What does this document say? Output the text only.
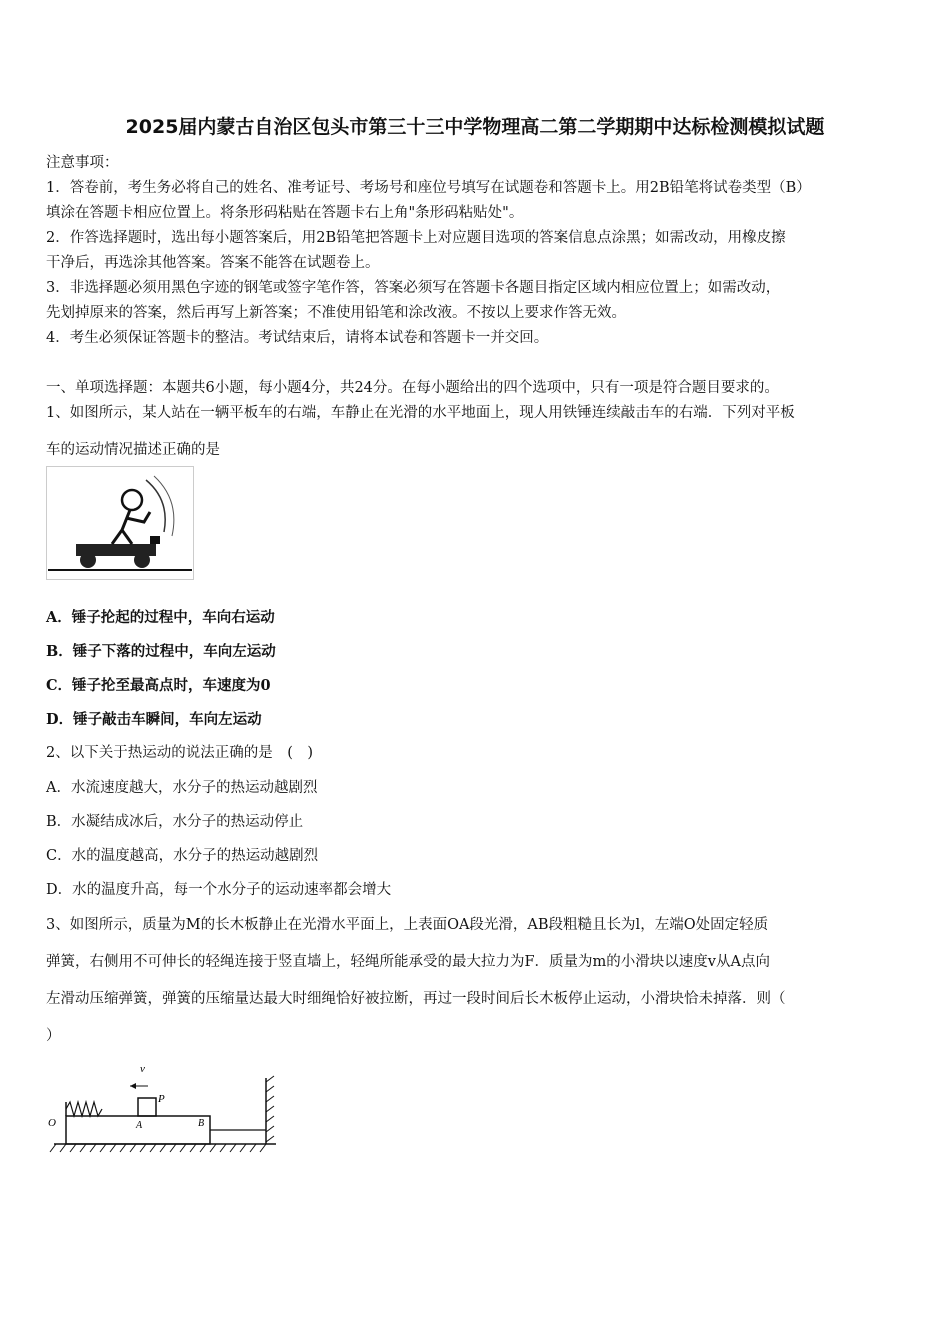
2025届内蒙古自治区包头市第三十三中学物理高二第二学期期中达标检测模拟试题
注意事项：
1．答卷前，考生务必将自己的姓名、准考证号、考场号和座位号填写在试题卷和答题卡上。用2B铅笔将试卷类型（B）
填涂在答题卡相应位置上。将条形码粘贴在答题卡右上角"条形码粘贴处"。
2．作答选择题时，选出每小题答案后，用2B铅笔把答题卡上对应题目选项的答案信息点涂黑；如需改动，用橡皮擦
干净后，再选涂其他答案。答案不能答在试题卷上。
3．非选择题必须用黑色字迹的钢笔或签字笔作答，答案必须写在答题卡各题目指定区域内相应位置上；如需改动，
先划掉原来的答案，然后再写上新答案；不准使用铅笔和涂改液。不按以上要求作答无效。
4．考生必须保证答题卡的整洁。考试结束后，请将本试卷和答题卡一并交回。
一、单项选择题：本题共6小题，每小题4分，共24分。在每小题给出的四个选项中，只有一项是符合题目要求的。
1、如图所示，某人站在一辆平板车的右端，车静止在光滑的水平地面上，现人用铁锤连续敲击车的右端．下列对平板
车的运动情况描述正确的是
A．锤子抡起的过程中，车向右运动
B．锤子下落的过程中，车向左运动
C．锤子抡至最高点时，车速度为0
D．锤子敲击车瞬间，车向左运动
2、以下关于热运动的说法正确的是　(　)
A．水流速度越大，水分子的热运动越剧烈
B．水凝结成冰后，水分子的热运动停止
C．水的温度越高，水分子的热运动越剧烈
D．水的温度升高，每一个水分子的运动速率都会增大
3、如图所示，质量为M的长木板静止在光滑水平面上，上表面OA段光滑，AB段粗糙且长为l，左端O处固定轻质
弹簧，右侧用不可伸长的轻绳连接于竖直墙上，轻绳所能承受的最大拉力为F．质量为m的小滑块以速度v从A点向
左滑动压缩弹簧，弹簧的压缩量达最大时细绳恰好被拉断，再过一段时间后长木板停止运动，小滑块恰未掉落．则（
）
v
P
O	A	B
